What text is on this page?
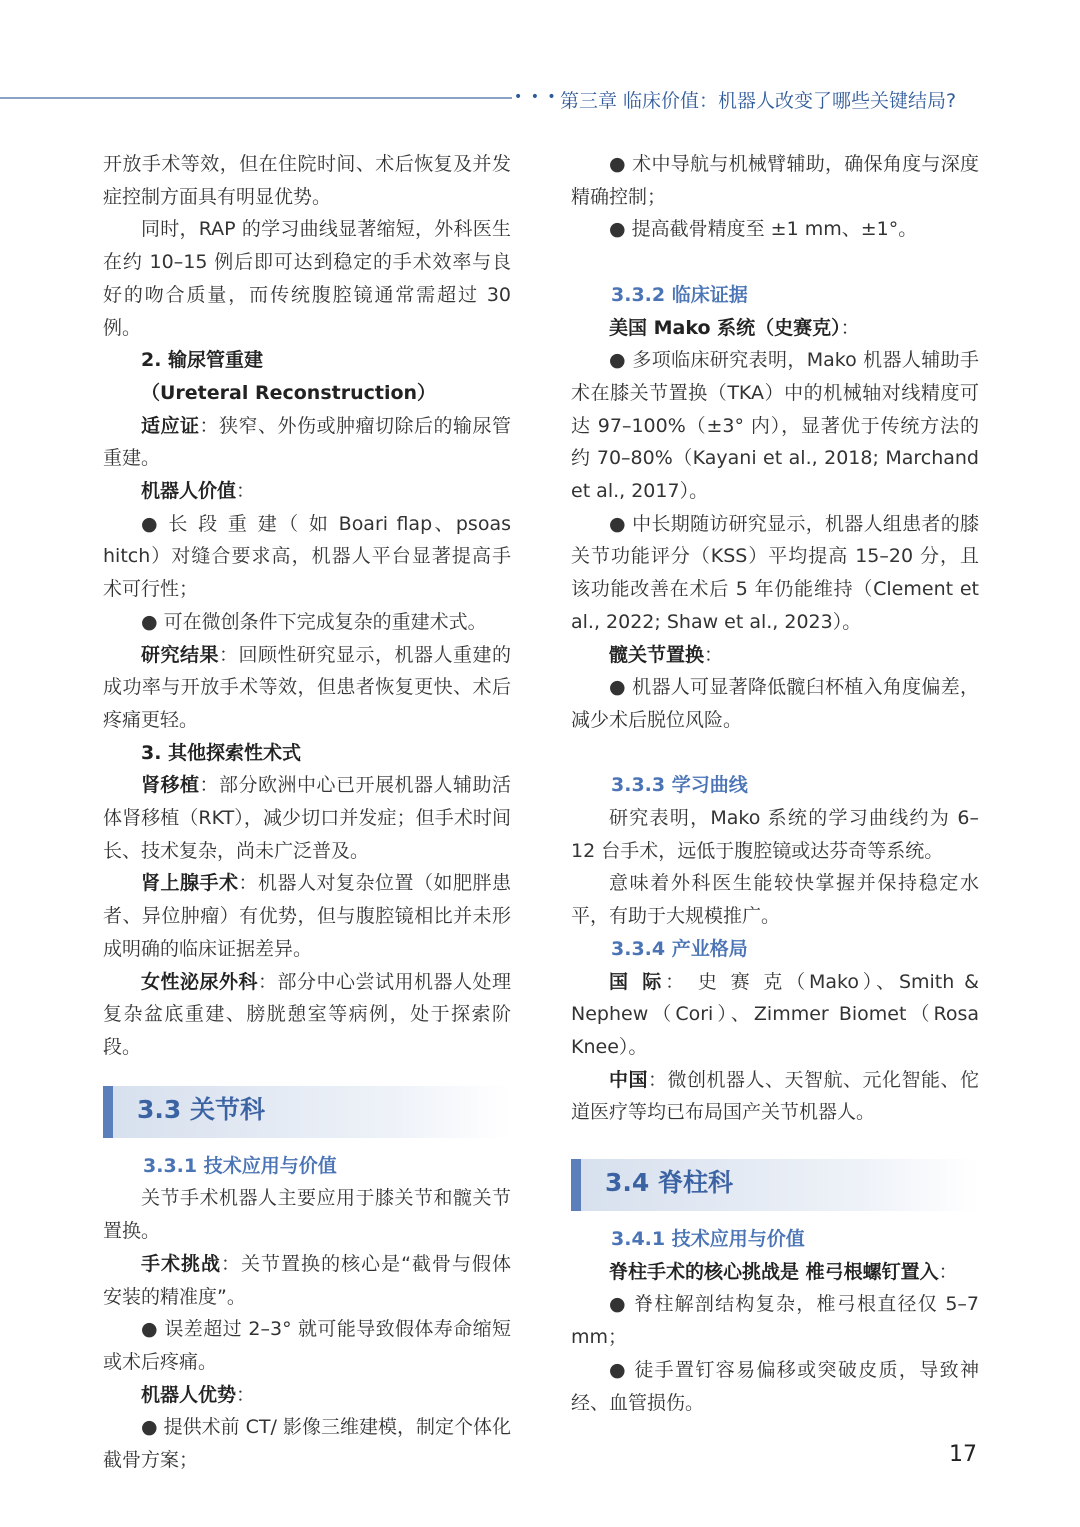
• • • 第三章 临床价值：机器人改变了哪些关键结局?

开放手术等效，但在住院时间、术后恢复及并发症控制方面具有明显优势。

同时，RAP 的学习曲线显著缩短，外科医生在约 10–15 例后即可达到稳定的手术效率与良好的吻合质量，而传统腹腔镜通常需超过 30 例。

2. 输尿管重建

（Ureteral Reconstruction）

适应证：狭窄、外伤或肿瘤切除后的输尿管重建。

机器人价值：

● 长 段 重 建（ 如 Boari flap、psoas hitch）对缝合要求高，机器人平台显著提高手术可行性；

● 可在微创条件下完成复杂的重建术式。

研究结果：回顾性研究显示，机器人重建的成功率与开放手术等效，但患者恢复更快、术后疼痛更轻。

3. 其他探索性术式

肾移植：部分欧洲中心已开展机器人辅助活体肾移植（RKT），减少切口并发症；但手术时间长、技术复杂，尚未广泛普及。

肾上腺手术：机器人对复杂位置（如肥胖患者、异位肿瘤）有优势，但与腹腔镜相比并未形成明确的临床证据差异。

女性泌尿外科：部分中心尝试用机器人处理复杂盆底重建、膀胱憩室等病例，处于探索阶段。

3.3 关节科

3.3.1 技术应用与价值

关节手术机器人主要应用于膝关节和髋关节置换。

手术挑战：关节置换的核心是“截骨与假体安装的精准度”。

● 误差超过 2–3° 就可能导致假体寿命缩短或术后疼痛。

机器人优势：

● 提供术前 CT/ 影像三维建模，制定个体化截骨方案；

● 术中导航与机械臂辅助，确保角度与深度精确控制；

● 提高截骨精度至 ±1 mm、±1°。

3.3.2 临床证据

美国 Mako 系统（史赛克）：

● 多项临床研究表明，Mako 机器人辅助手术在膝关节置换（TKA）中的机械轴对线精度可达 97–100%（±3° 内），显著优于传统方法的约 70–80%（Kayani et al., 2018; Marchand et al., 2017）。

● 中长期随访研究显示，机器人组患者的膝关节功能评分（KSS）平均提高 15–20 分，且该功能改善在术后 5 年仍能维持（Clement et al., 2022; Shaw et al., 2023）。

髋关节置换：

● 机器人可显著降低髋臼杯植入角度偏差，减少术后脱位风险。

3.3.3 学习曲线

研究表明，Mako 系统的学习曲线约为 6–12 台手术，远低于腹腔镜或达芬奇等系统。

意味着外科医生能较快掌握并保持稳定水平，有助于大规模推广。

3.3.4 产业格局

国 际： 史 赛 克（Mako）、Smith & Nephew（Cori）、Zimmer Biomet（Rosa Knee）。

中国：微创机器人、天智航、元化智能、佗道医疗等均已布局国产关节机器人。

3.4 脊柱科

3.4.1 技术应用与价值

脊柱手术的核心挑战是 椎弓根螺钉置入：

● 脊柱解剖结构复杂，椎弓根直径仅 5–7 mm；

● 徒手置钉容易偏移或突破皮质，导致神经、血管损伤。

17
